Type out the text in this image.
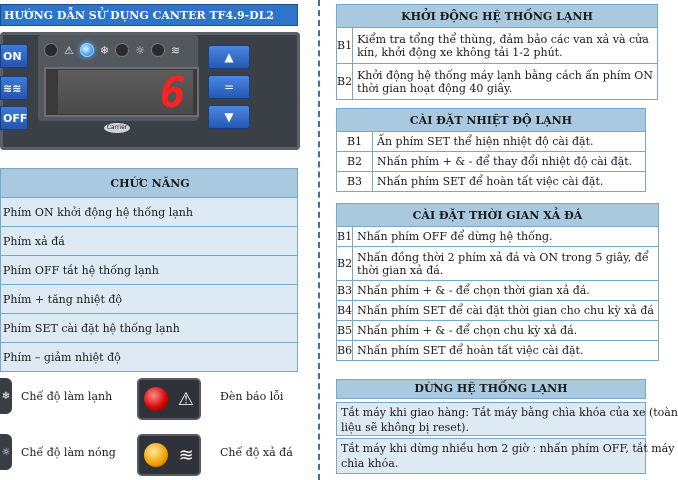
HƯỚNG DẪN SỬ DỤNG CANTER TF4.9-DL2
⚠ ❄ ☼ ≋
6
Carrier
ON
≋≋
OFF
▲
=
▼
CHỨC NĂNG
Phím ON khởi động hệ thống lạnh
Phím xả đá
Phím OFF tắt hệ thống lạnh
Phím + tăng nhiệt độ
Phím SET cài đặt hệ thống lạnh
Phím – giảm nhiệt độ
❄ Chế độ làm lạnh	⚠ Đèn báo lỗi
☼ Chế độ làm nóng	≋ Chế độ xả đá
KHỞI ĐỘNG HỆ THỐNG LẠNH	
B1	Kiểm tra tổng thể thùng, đảm bảo các van xả và cửa
kín, khởi động xe không tải 1-2 phút.

B2	Khởi động hệ thống máy lạnh bằng cách ấn phím ON
thời gian hoạt động 40 giây.
CÀI ĐẶT NHIỆT ĐỘ LẠNH	
B1	Ấn phím SET thể hiện nhiệt độ cài đặt.
B2	Nhấn phím + & - để thay đổi nhiệt độ cài đặt.
B3	Nhấn phím SET để hoàn tất việc cài đặt.
CÀI ĐẶT THỜI GIAN XẢ ĐÁ	
B1	Nhấn phím OFF để dừng hệ thống.
B2	Nhấn đồng thời 2 phím xả đá và ON trong 5 giây, để
thời gian xả đá.

B3	Nhấn phím + & - để chọn thời gian xả đá.
B4	Nhấn phím SET để cài đặt thời gian cho chu kỳ xả đá
B5	Nhấn phím + & - để chọn chu kỳ xả đá.
B6	Nhấn phím SET để hoàn tất việc cài đặt.
DỪNG HỆ THỐNG LẠNH
Tắt máy khi giao hàng: Tắt máy bằng chìa khóa của xe (toàn
liệu sẽ không bị reset).
Tắt máy khi dừng nhiều hơn 2 giờ : nhấn phím OFF, tắt máy
chìa khóa.
